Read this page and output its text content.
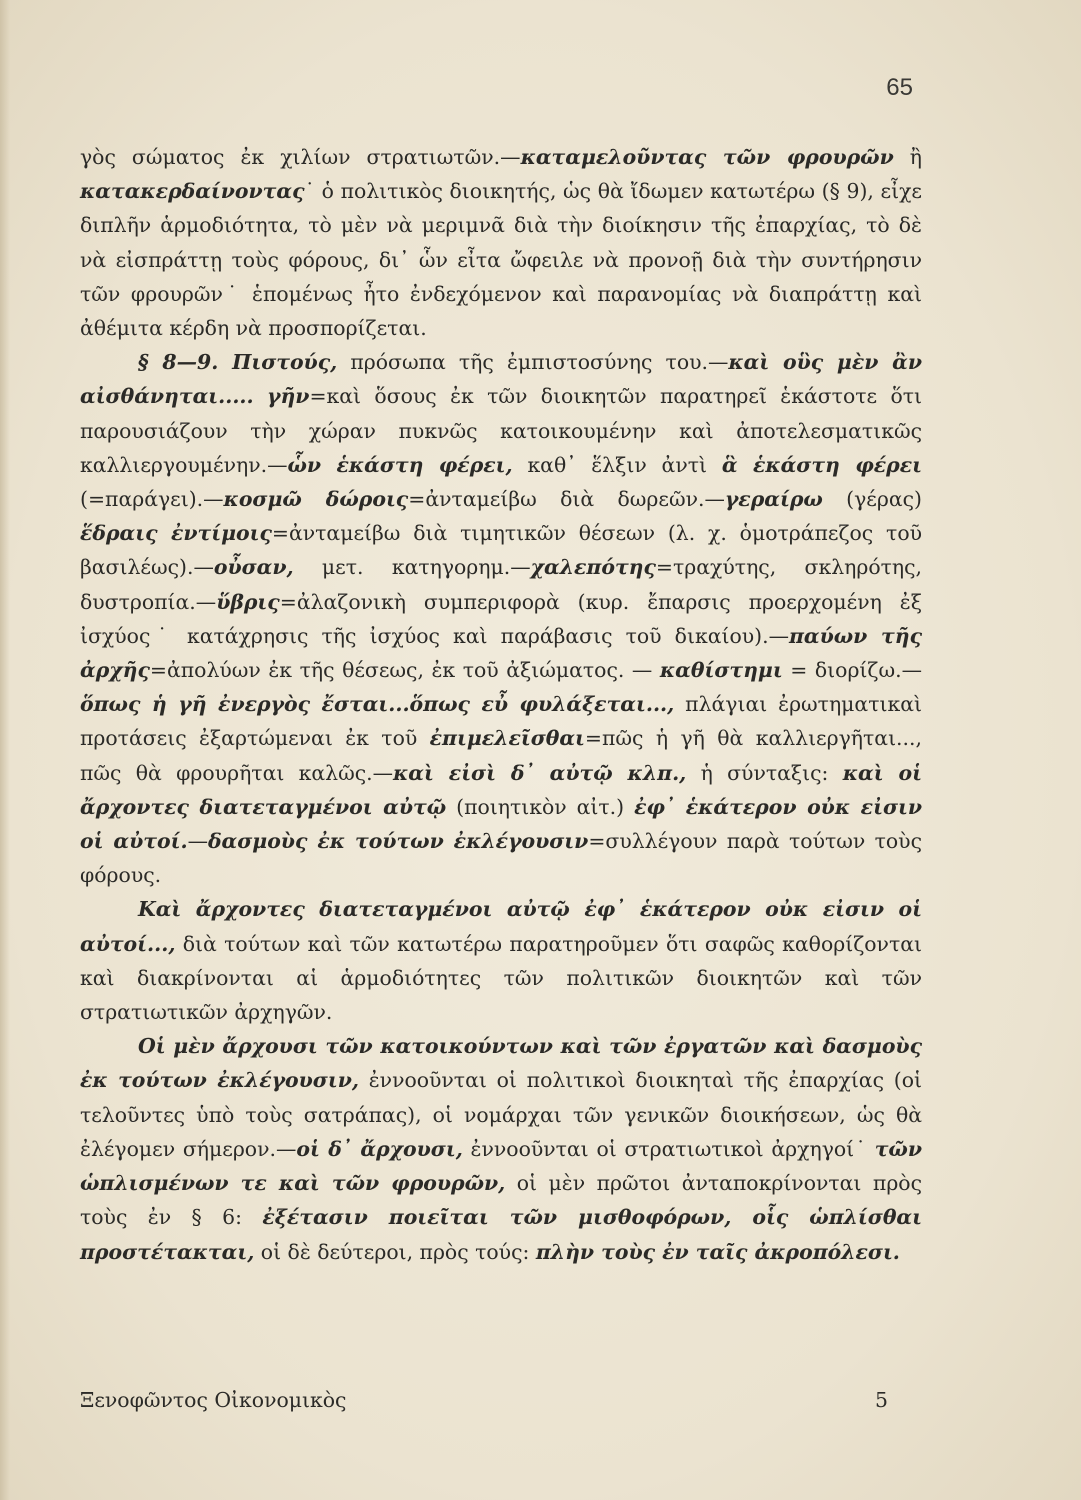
65

γὸς σώματος ἐκ χιλίων στρατιωτῶν.—καταμελοῦντας τῶν φρουρῶν ἢ κατακερδαίνοντας˙ ὁ πολιτικὸς διοικητής, ὡς θὰ ἴδωμεν κατωτέρω (§ 9), εἶχε διπλῆν ἁρμοδιότητα, τὸ μὲν νὰ μεριμνᾶ διὰ τὴν διοίκησιν τῆς ἐπαρχίας, τὸ δὲ νὰ εἰσπράττῃ τοὺς φόρους, δι᾽ ὧν εἶτα ὤφειλε νὰ προνοῇ διὰ τὴν συντήρησιν τῶν φρουρῶν˙ ἑπομένως ἦτο ἐνδεχόμενον καὶ παρανομίας νὰ διαπράττῃ καὶ ἀθέμιτα κέρδη νὰ προσπορίζεται.

§ 8—9. Πιστούς, πρόσωπα τῆς ἐμπιστοσύνης του.—καὶ οὓς μὲν ἂν αἰσθάνηται..... γῆν=καὶ ὅσους ἐκ τῶν διοικητῶν παρατηρεῖ ἑκάστοτε ὅτι παρουσιάζουν τὴν χώραν πυκνῶς κατοικουμένην καὶ ἀποτελεσματικῶς καλλιεργουμένην.—ὧν ἑκάστη φέρει, καθ᾽ ἕλξιν ἀντὶ ἃ ἑκάστη φέρει (=παράγει).—κοσμῶ δώροις=ἀνταμείβω διὰ δωρεῶν.—γεραίρω (γέρας) ἕδραις ἐντίμοις=ἀνταμείβω διὰ τιμητικῶν θέσεων (λ. χ. ὁμοτράπεζος τοῦ βασιλέως).—οὖσαν, μετ. κατηγορημ.—χαλεπότης=τραχύτης, σκληρότης, δυστροπία.—ὕβρις=ἀλαζονικὴ συμπεριφορὰ (κυρ. ἔπαρσις προερχομένη ἐξ ἰσχύος˙ κατάχρησις τῆς ἰσχύος καὶ παράβασις τοῦ δικαίου).—παύων τῆς ἀρχῆς=ἀπολύων ἐκ τῆς θέσεως, ἐκ τοῦ ἀξιώματος. — καθίστημι = διορίζω.—ὅπως ἡ γῆ ἐνεργὸς ἔσται...ὅπως εὖ φυλάξεται..., πλάγιαι ἐρωτηματικαὶ προτάσεις ἐξαρτώμεναι ἐκ τοῦ ἐπιμελεῖσθαι=πῶς ἡ γῆ θὰ καλλιεργῆται..., πῶς θὰ φρουρῆται καλῶς.—καὶ εἰσὶ δ᾽ αὐτῷ κλπ., ἡ σύνταξις: καὶ οἱ ἄρχοντες διατεταγμένοι αὐτῷ (ποιητικὸν αἰτ.) ἐφ᾽ ἑκάτερον οὐκ εἰσιν οἱ αὐτοί.—δασμοὺς ἐκ τούτων ἐκλέγουσιν=συλλέγουν παρὰ τούτων τοὺς φόρους.

Καὶ ἄρχοντες διατεταγμένοι αὐτῷ ἐφ᾽ ἑκάτερον οὐκ εἰσιν οἱ αὐτοί..., διὰ τούτων καὶ τῶν κατωτέρω παρατηροῦμεν ὅτι σαφῶς καθορίζονται καὶ διακρίνονται αἱ ἁρμοδιότητες τῶν πολιτικῶν διοικητῶν καὶ τῶν στρατιωτικῶν ἀρχηγῶν.

Οἱ μὲν ἄρχουσι τῶν κατοικούντων καὶ τῶν ἐργατῶν καὶ δασμοὺς ἐκ τούτων ἐκλέγουσιν, ἐννοοῦνται οἱ πολιτικοὶ διοικηταὶ τῆς ἐπαρχίας (οἱ τελοῦντες ὑπὸ τοὺς σατράπας), οἱ νομάρχαι τῶν γενικῶν διοικήσεων, ὡς θὰ ἐλέγομεν σήμερον.—οἱ δ᾽ ἄρχουσι, ἐννοοῦνται οἱ στρατιωτικοὶ ἀρχηγοί˙ τῶν ὡπλισμένων τε καὶ τῶν φρουρῶν, οἱ μὲν πρῶτοι ἀνταποκρίνονται πρὸς τοὺς ἐν § 6: ἐξέτασιν ποιεῖται τῶν μισθοφόρων, οἷς ὡπλίσθαι προστέτακται, οἱ δὲ δεύτεροι, πρὸς τούς: πλὴν τοὺς ἐν ταῖς ἀκροπόλεσι.

Ξενοφῶντος Οἰκονομικὸς	5
